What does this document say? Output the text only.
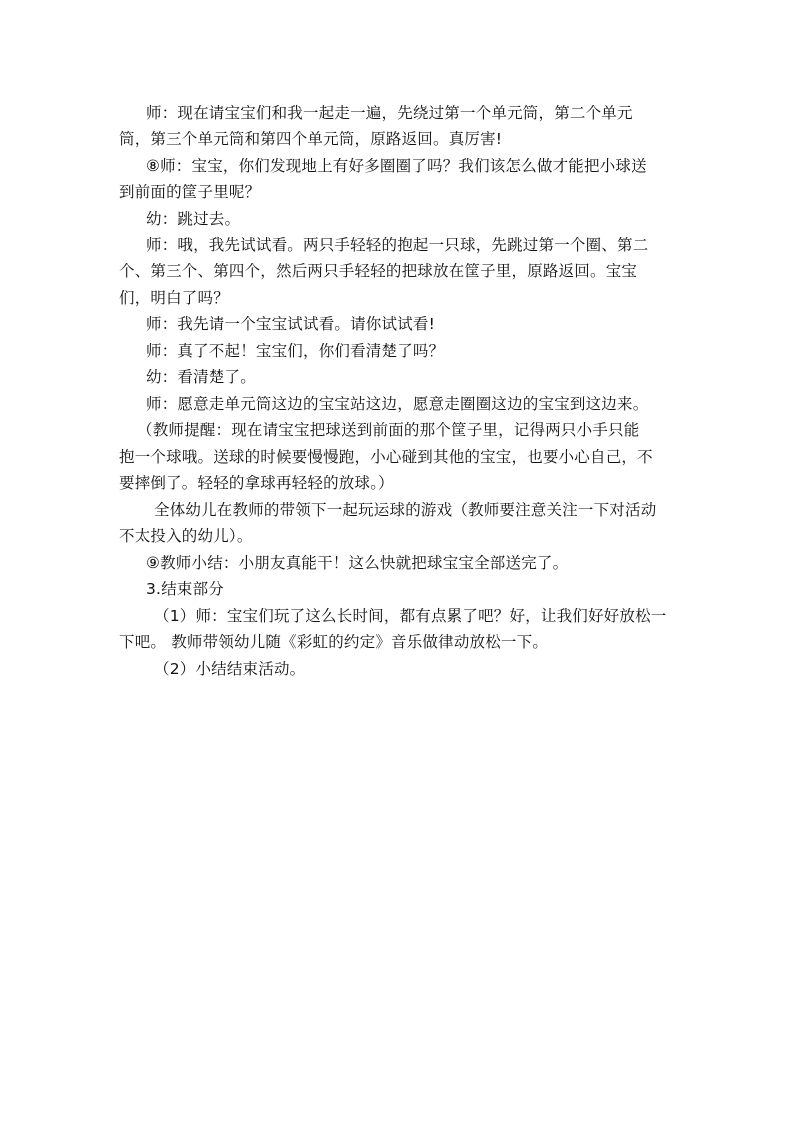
师：现在请宝宝们和我一起走一遍，先绕过第一个单元筒，第二个单元
筒，第三个单元筒和第四个单元筒，原路返回。真厉害!
⑧师：宝宝，你们发现地上有好多圈圈了吗？我们该怎么做才能把小球送
到前面的筐子里呢？
幼：跳过去。
师：哦，我先试试看。两只手轻轻的抱起一只球，先跳过第一个圈、第二
个、第三个、第四个，然后两只手轻轻的把球放在筐子里，原路返回。宝宝
们，明白了吗？
师：我先请一个宝宝试试看。请你试试看!
师：真了不起！宝宝们，你们看清楚了吗？
幼：看清楚了。
师：愿意走单元筒这边的宝宝站这边，愿意走圈圈这边的宝宝到这边来。
（教师提醒：现在请宝宝把球送到前面的那个筐子里，记得两只小手只能
抱一个球哦。送球的时候要慢慢跑，小心碰到其他的宝宝，也要小心自己，不
要摔倒了。轻轻的拿球再轻轻的放球。）
全体幼儿在教师的带领下一起玩运球的游戏（教师要注意关注一下对活动
不太投入的幼儿）。
⑨教师小结：小朋友真能干！这么快就把球宝宝全部送完了。
3.结束部分
（1）师：宝宝们玩了这么长时间，都有点累了吧？好，让我们好好放松一
下吧。 教师带领幼儿随《彩虹的约定》音乐做律动放松一下。
（2）小结结束活动。
